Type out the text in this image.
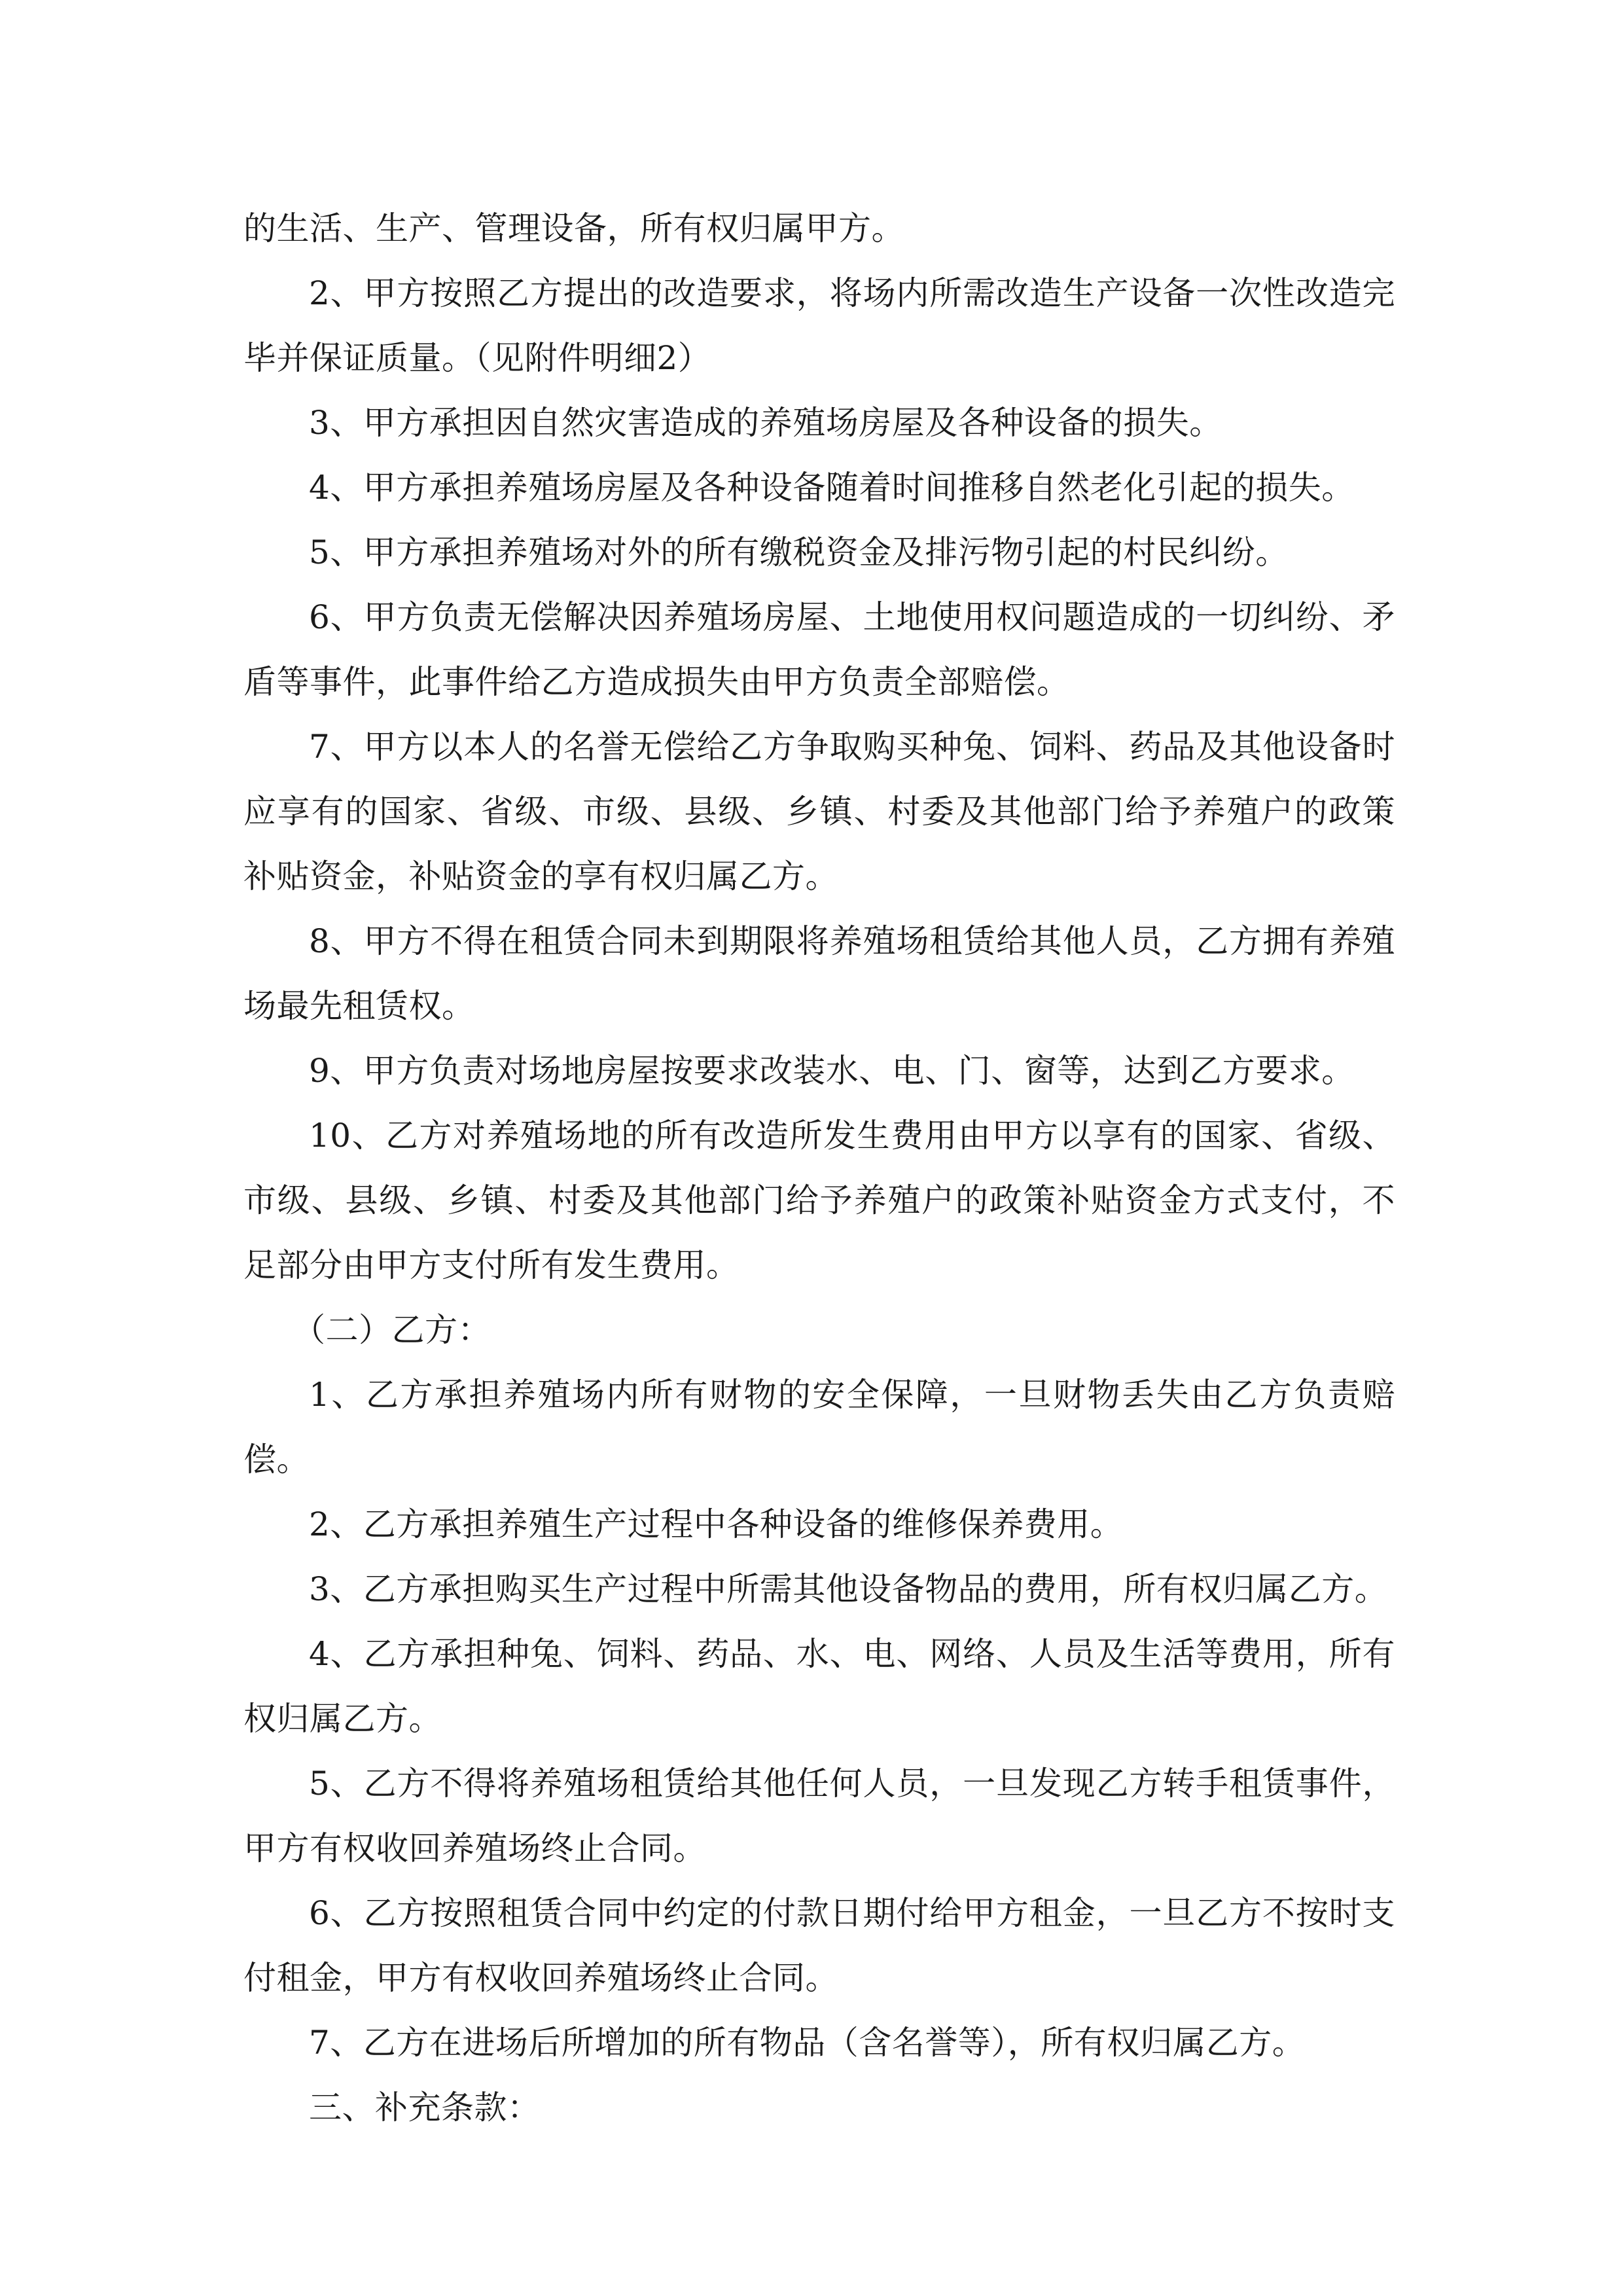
的生活、生产、管理设备，所有权归属甲方。

2、甲方按照乙方提出的改造要求，将场内所需改造生产设备一次性改造完毕并保证质量。（见附件明细2）

3、甲方承担因自然灾害造成的养殖场房屋及各种设备的损失。

4、甲方承担养殖场房屋及各种设备随着时间推移自然老化引起的损失。

5、甲方承担养殖场对外的所有缴税资金及排污物引起的村民纠纷。

6、甲方负责无偿解决因养殖场房屋、土地使用权问题造成的一切纠纷、矛盾等事件，此事件给乙方造成损失由甲方负责全部赔偿。

7、甲方以本人的名誉无偿给乙方争取购买种兔、饲料、药品及其他设备时应享有的国家、省级、市级、县级、乡镇、村委及其他部门给予养殖户的政策补贴资金，补贴资金的享有权归属乙方。

8、甲方不得在租赁合同未到期限将养殖场租赁给其他人员，乙方拥有养殖场最先租赁权。

9、甲方负责对场地房屋按要求改装水、电、门、窗等，达到乙方要求。

10、乙方对养殖场地的所有改造所发生费用由甲方以享有的国家、省级、市级、县级、乡镇、村委及其他部门给予养殖户的政策补贴资金方式支付，不足部分由甲方支付所有发生费用。

（二）乙方：

1、乙方承担养殖场内所有财物的安全保障，一旦财物丢失由乙方负责赔偿。

2、乙方承担养殖生产过程中各种设备的维修保养费用。

3、乙方承担购买生产过程中所需其他设备物品的费用，所有权归属乙方。

4、乙方承担种兔、饲料、药品、水、电、网络、人员及生活等费用，所有权归属乙方。

5、乙方不得将养殖场租赁给其他任何人员，一旦发现乙方转手租赁事件，甲方有权收回养殖场终止合同。

6、乙方按照租赁合同中约定的付款日期付给甲方租金，一旦乙方不按时支付租金，甲方有权收回养殖场终止合同。

7、乙方在进场后所增加的所有物品（含名誉等），所有权归属乙方。

三、补充条款：
